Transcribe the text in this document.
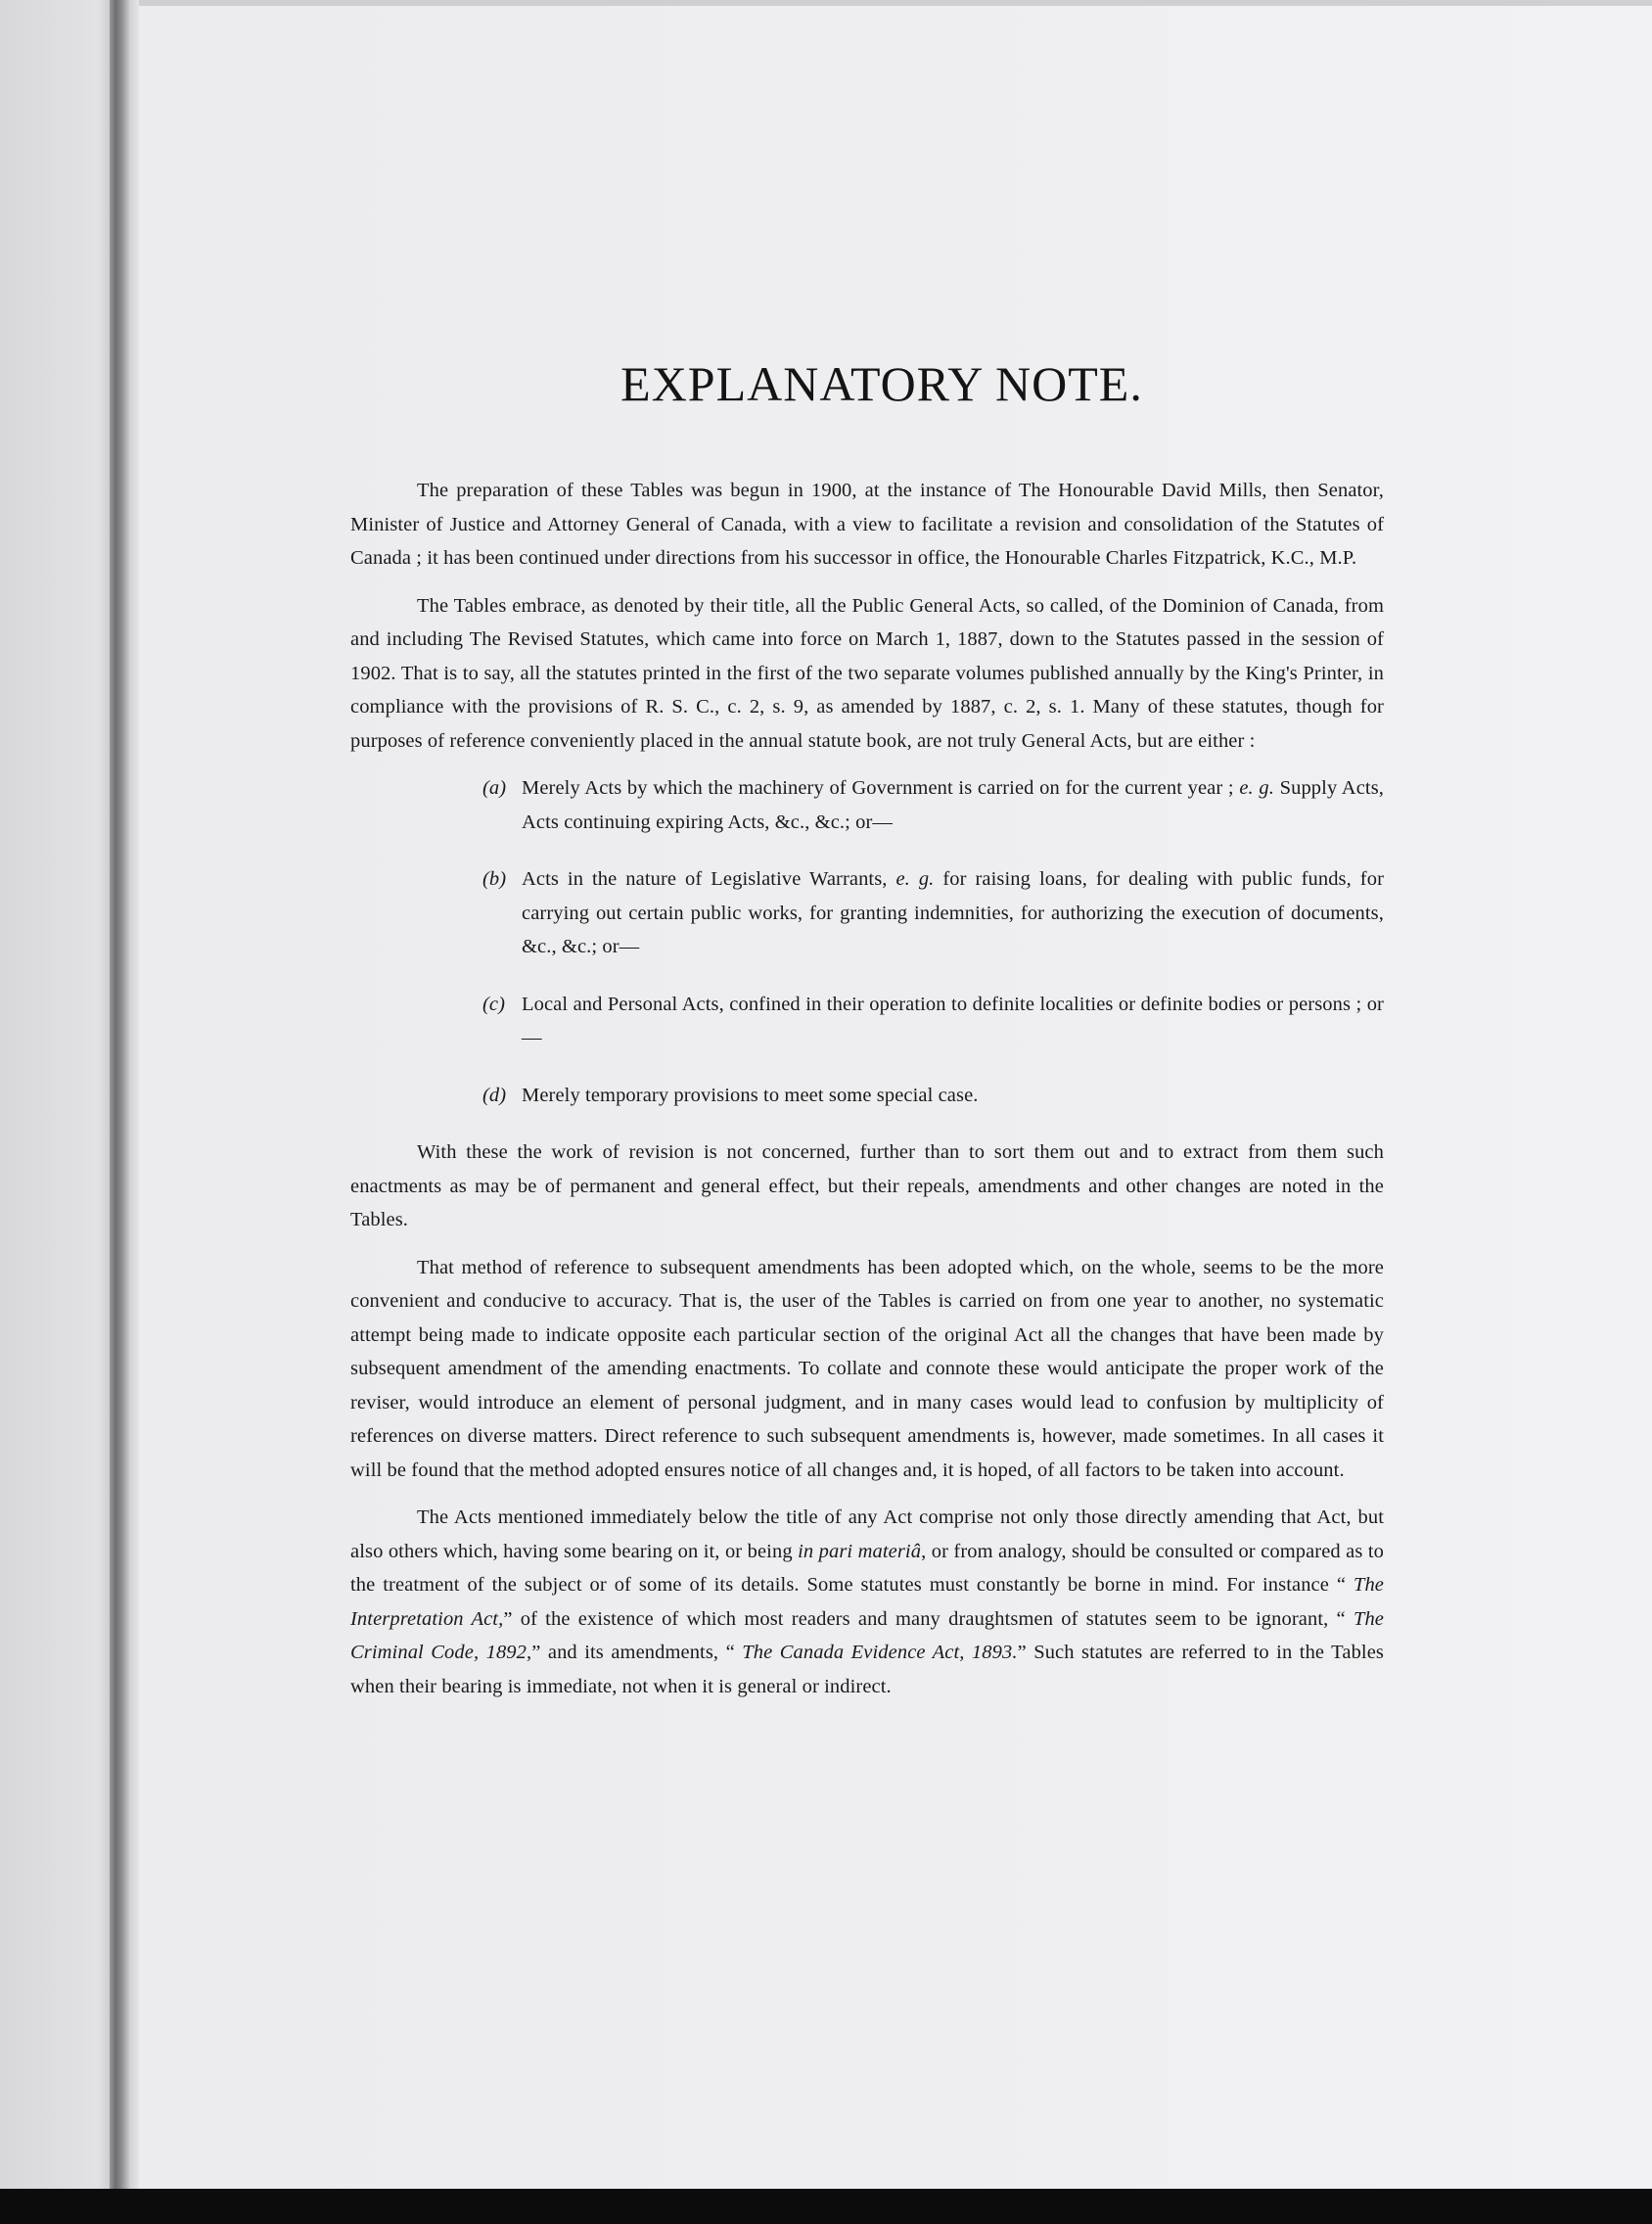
EXPLANATORY NOTE.

The preparation of these Tables was begun in 1900, at the instance of The Honourable David Mills, then Senator, Minister of Justice and Attorney General of Canada, with a view to facilitate a revision and consolidation of the Statutes of Canada ; it has been continued under directions from his successor in office, the Honourable Charles Fitzpatrick, K.C., M.P.

The Tables embrace, as denoted by their title, all the Public General Acts, so called, of the Dominion of Canada, from and including The Revised Statutes, which came into force on March 1, 1887, down to the Statutes passed in the session of 1902. That is to say, all the statutes printed in the first of the two separate volumes published annually by the King's Printer, in compliance with the provisions of R. S. C., c. 2, s. 9, as amended by 1887, c. 2, s. 1. Many of these statutes, though for purposes of reference conveniently placed in the annual statute book, are not truly General Acts, but are either :

(a) Merely Acts by which the machinery of Government is carried on for the current year ; e. g. Supply Acts, Acts continuing expiring Acts, &c., &c.; or—
(b) Acts in the nature of Legislative Warrants, e. g. for raising loans, for dealing with public funds, for carrying out certain public works, for granting indemnities, for authorizing the execution of documents, &c., &c.; or—
(c) Local and Personal Acts, confined in their operation to definite localities or definite bodies or persons ; or—
(d) Merely temporary provisions to meet some special case.

With these the work of revision is not concerned, further than to sort them out and to extract from them such enactments as may be of permanent and general effect, but their repeals, amendments and other changes are noted in the Tables.

That method of reference to subsequent amendments has been adopted which, on the whole, seems to be the more convenient and conducive to accuracy. That is, the user of the Tables is carried on from one year to another, no systematic attempt being made to indicate opposite each particular section of the original Act all the changes that have been made by subsequent amendment of the amending enactments. To collate and connote these would anticipate the proper work of the reviser, would introduce an element of personal judgment, and in many cases would lead to confusion by multiplicity of references on diverse matters. Direct reference to such subsequent amendments is, however, made sometimes. In all cases it will be found that the method adopted ensures notice of all changes and, it is hoped, of all factors to be taken into account.

The Acts mentioned immediately below the title of any Act comprise not only those directly amending that Act, but also others which, having some bearing on it, or being in pari materiâ, or from analogy, should be consulted or compared as to the treatment of the subject or of some of its details. Some statutes must constantly be borne in mind. For instance “ The Interpretation Act,” of the existence of which most readers and many draughtsmen of statutes seem to be ignorant, “ The Criminal Code, 1892,” and its amendments, “ The Canada Evidence Act, 1893.” Such statutes are referred to in the Tables when their bearing is immediate, not when it is general or indirect.
